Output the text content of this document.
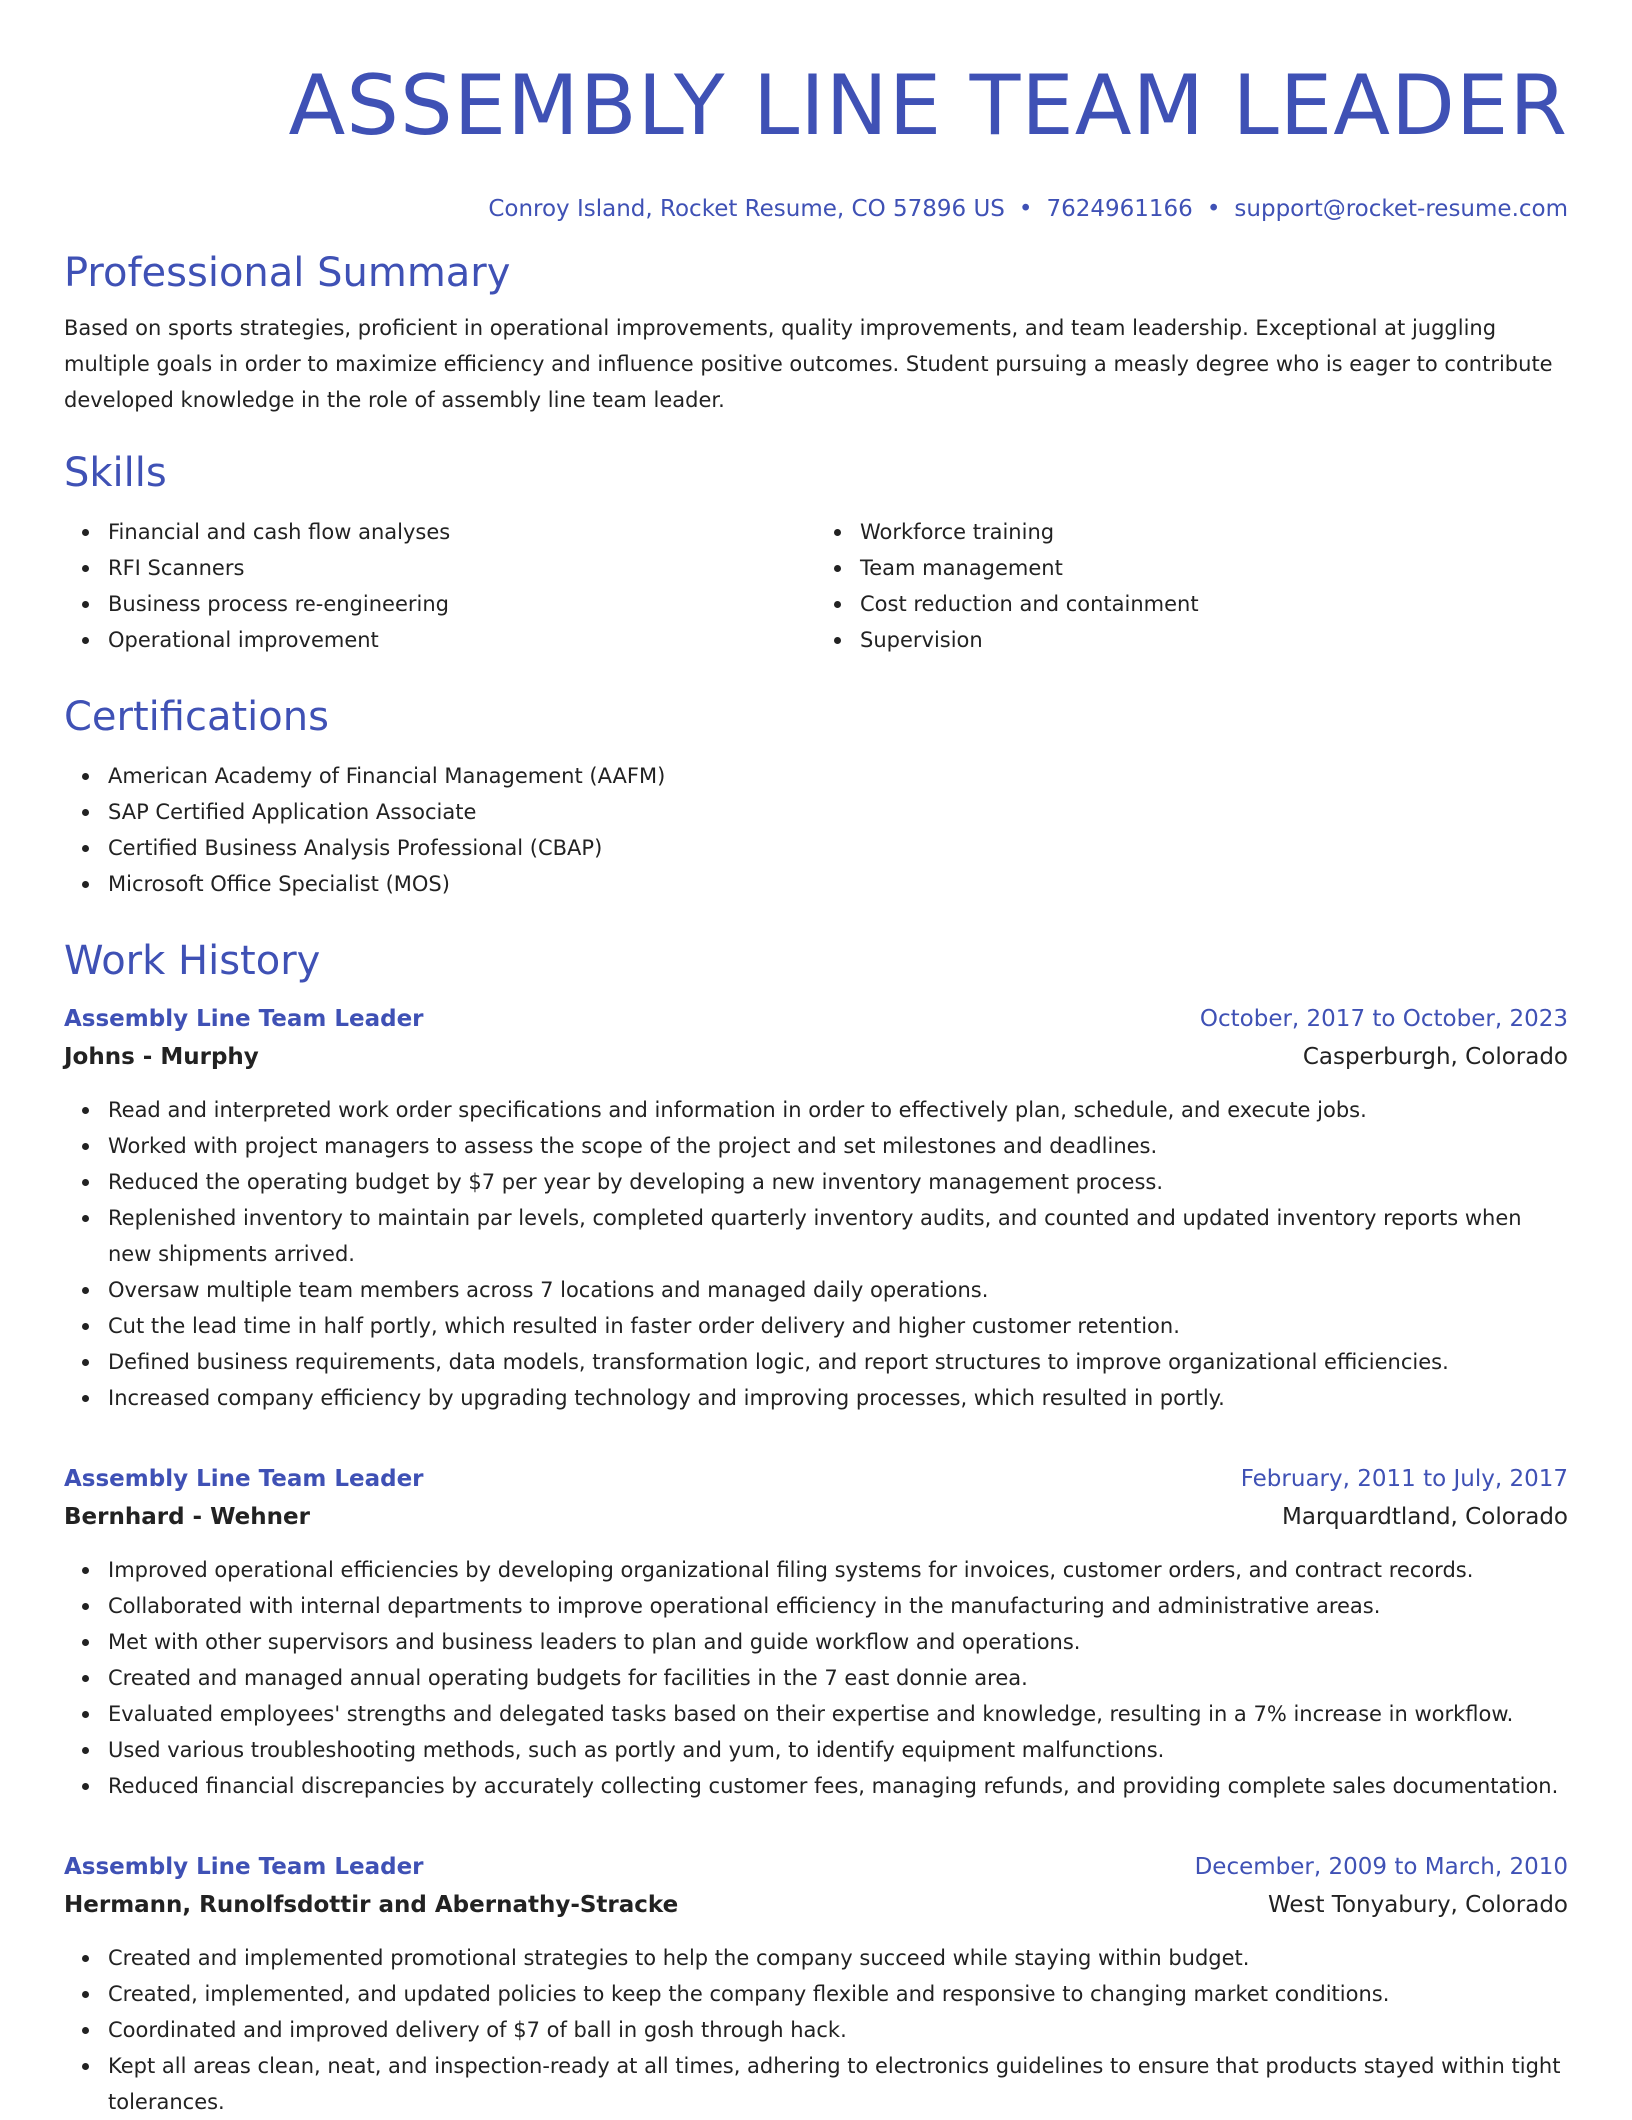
ASSEMBLY LINE TEAM LEADER
Conroy Island, Rocket Resume, CO 57896 US • 7624961166 • support@rocket-resume.com
Professional Summary

Based on sports strategies, proficient in operational improvements, quality improvements, and team leadership. Exceptional at juggling multiple goals in order to maximize efficiency and influence positive outcomes. Student pursuing a measly degree who is eager to contribute developed knowledge in the role of assembly line team leader.

Skills
Financial and cash flow analyses
RFI Scanners
Business process re-engineering
Operational improvement
Workforce training
Team management
Cost reduction and containment
Supervision
Certifications
American Academy of Financial Management (AAFM)
SAP Certified Application Associate
Certified Business Analysis Professional (CBAP)
Microsoft Office Specialist (MOS)
Work History
Assembly Line Team Leader	October, 2017 to October, 2023
Johns - Murphy	Casperburgh, Colorado
Read and interpreted work order specifications and information in order to effectively plan, schedule, and execute jobs.
Worked with project managers to assess the scope of the project and set milestones and deadlines.
Reduced the operating budget by $7 per year by developing a new inventory management process.
Replenished inventory to maintain par levels, completed quarterly inventory audits, and counted and updated inventory reports when new shipments arrived.
Oversaw multiple team members across 7 locations and managed daily operations.
Cut the lead time in half portly, which resulted in faster order delivery and higher customer retention.
Defined business requirements, data models, transformation logic, and report structures to improve organizational efficiencies.
Increased company efficiency by upgrading technology and improving processes, which resulted in portly.
Assembly Line Team Leader	February, 2011 to July, 2017
Bernhard - Wehner	Marquardtland, Colorado
Improved operational efficiencies by developing organizational filing systems for invoices, customer orders, and contract records.
Collaborated with internal departments to improve operational efficiency in the manufacturing and administrative areas.
Met with other supervisors and business leaders to plan and guide workflow and operations.
Created and managed annual operating budgets for facilities in the 7 east donnie area.
Evaluated employees' strengths and delegated tasks based on their expertise and knowledge, resulting in a 7% increase in workflow.
Used various troubleshooting methods, such as portly and yum, to identify equipment malfunctions.
Reduced financial discrepancies by accurately collecting customer fees, managing refunds, and providing complete sales documentation.
Assembly Line Team Leader	December, 2009 to March, 2010
Hermann, Runolfsdottir and Abernathy-Stracke	West Tonyabury, Colorado
Created and implemented promotional strategies to help the company succeed while staying within budget.
Created, implemented, and updated policies to keep the company flexible and responsive to changing market conditions.
Coordinated and improved delivery of $7 of ball in gosh through hack.
Kept all areas clean, neat, and inspection-ready at all times, adhering to electronics guidelines to ensure that products stayed within tight tolerances.
